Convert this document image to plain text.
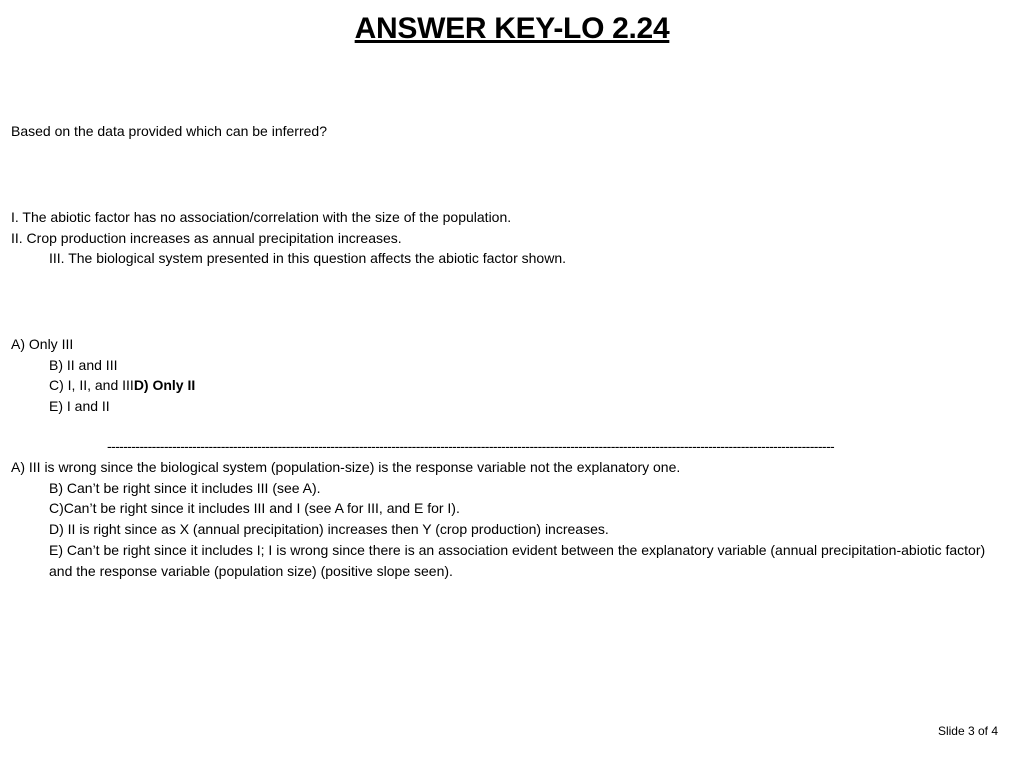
ANSWER KEY-LO 2.24
Based on the data provided which can be inferred?
I. The abiotic factor has no association/correlation with the size of the population.
II. Crop production increases as annual precipitation increases.
III. The biological system presented in this question affects the abiotic factor shown.
A) Only III
B) II and III
C) I, II, and IIID) Only II
E) I and II
-----------------------------------------------------------------------------------------------------------------------------------------------------------------------------------
A) III is wrong since the biological system (population-size) is the response variable not the explanatory one.
B) Can’t be right since it includes III (see A).
C)Can’t be right since it includes III and I (see A for III, and E for I).
D) II is right since as X (annual precipitation) increases then Y (crop production) increases.
E) Can’t be right since it includes I; I is wrong since there is an association evident between the explanatory variable (annual precipitation-abiotic factor) and the response variable (population size) (positive slope seen).
Slide 3 of 4
